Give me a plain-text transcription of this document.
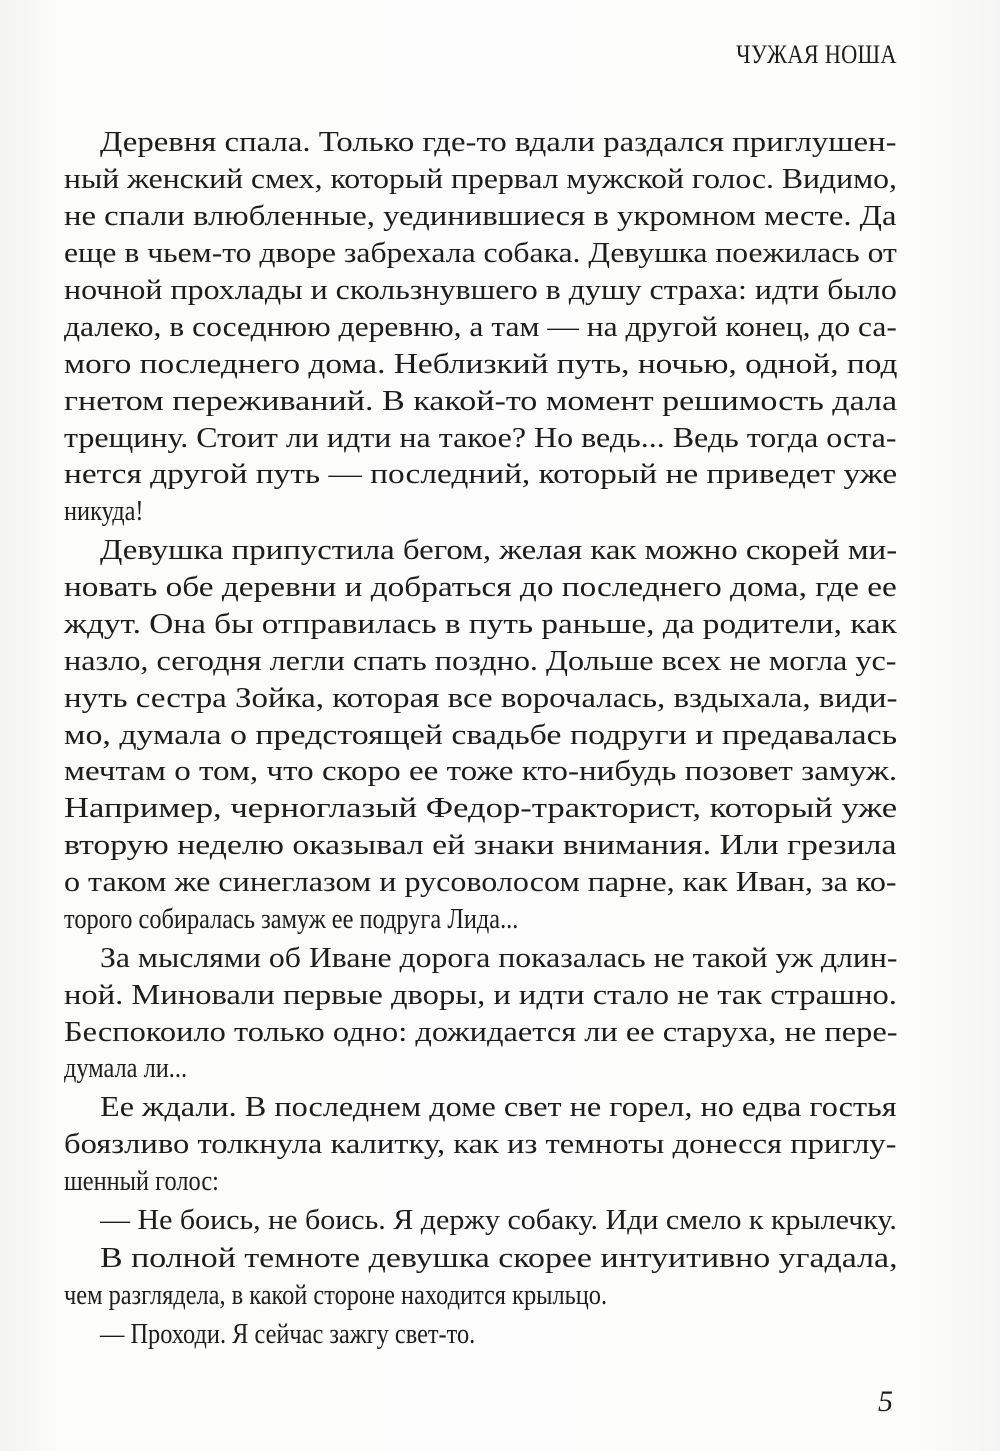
ЧУЖАЯ НОША
Деревня спала. Только где-то вдали раздался приглушен-
ный женский смех, который прервал мужской голос. Видимо,
не спали влюбленные, уединившиеся в укромном месте. Да
еще в чьем-то дворе забрехала собака. Девушка поежилась от
ночной прохлады и скользнувшего в душу страха: идти было
далеко, в соседнюю деревню, а там — на другой конец, до са-
мого последнего дома. Неблизкий путь, ночью, одной, под
гнетом переживаний. В какой-то момент решимость дала
трещину. Стоит ли идти на такое? Но ведь... Ведь тогда оста-
нется другой путь — последний, который не приведет уже
никуда!
Девушка припустила бегом, желая как можно скорей ми-
новать обе деревни и добраться до последнего дома, где ее
ждут. Она бы отправилась в путь раньше, да родители, как
назло, сегодня легли спать поздно. Дольше всех не могла ус-
нуть сестра Зойка, которая все ворочалась, вздыхала, види-
мо, думала о предстоящей свадьбе подруги и предавалась
мечтам о том, что скоро ее тоже кто-нибудь позовет замуж.
Например, черноглазый Федор-тракторист, который уже
вторую неделю оказывал ей знаки внимания. Или грезила
о таком же синеглазом и русоволосом парне, как Иван, за ко-
торого собиралась замуж ее подруга Лида...
За мыслями об Иване дорога показалась не такой уж длин-
ной. Миновали первые дворы, и идти стало не так страшно.
Беспокоило только одно: дожидается ли ее старуха, не пере-
думала ли...
Ее ждали. В последнем доме свет не горел, но едва гостья
боязливо толкнула калитку, как из темноты донесся приглу-
шенный голос:
— Не боись, не боись. Я держу собаку. Иди смело к крылечку.
В полной темноте девушка скорее интуитивно угадала,
чем разглядела, в какой стороне находится крыльцо.
— Проходи. Я сейчас зажгу свет-то.
5
